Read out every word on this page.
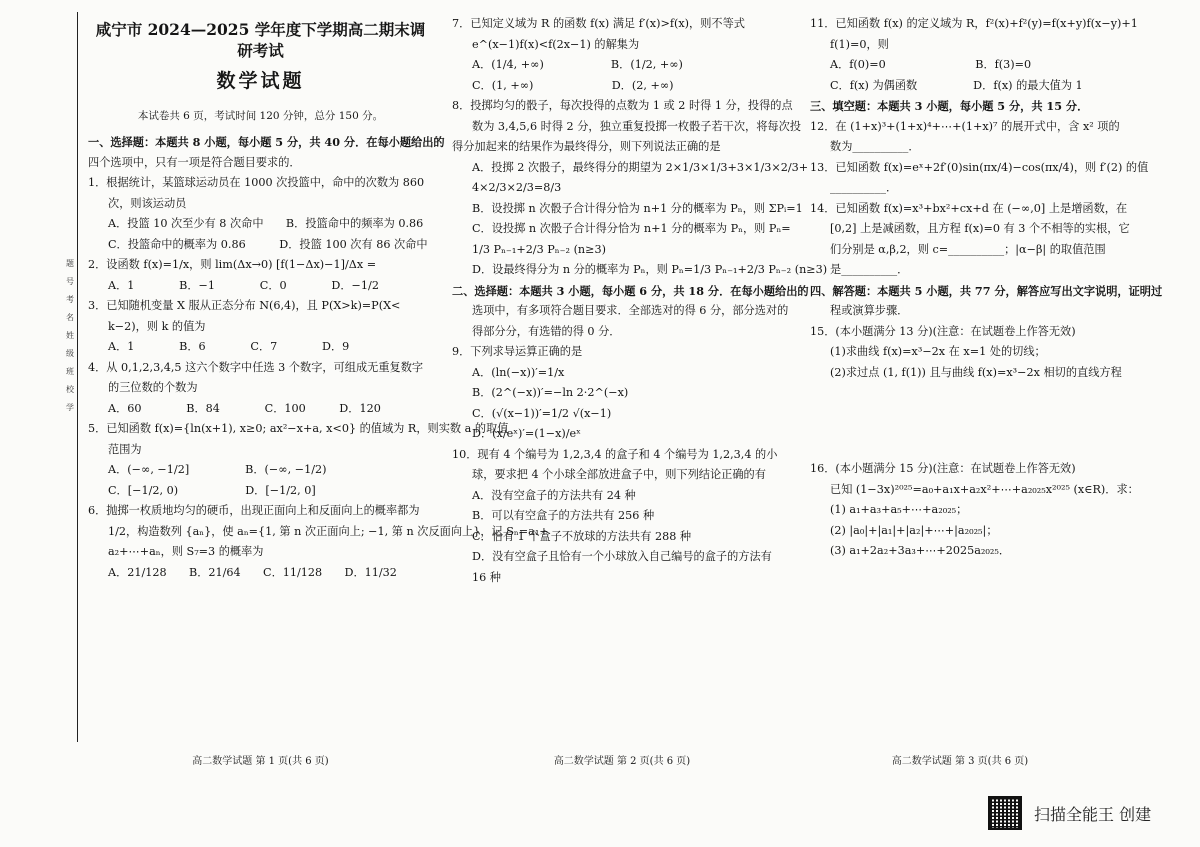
题
号
考
名
姓
级
班
校
学
咸宁市 2024—2025 学年度下学期高二期末调研考试
数学试题
本试卷共 6 页，考试时间 120 分钟，总分 150 分。
一、选择题：本题共 8 小题，每小题 5 分，共 40 分．在每小题给出的
四个选项中，只有一项是符合题目要求的．
1．根据统计，某篮球运动员在 1000 次投篮中，命中的次数为 860
次，则该运动员
A．投篮 10 次至少有 8 次命中　　B．投篮命中的频率为 0.86
C．投篮命中的概率为 0.86　　　D．投篮 100 次有 86 次命中
2．设函数 f(x)=1/x，则 lim(Δx→0) [f(1−Δx)−1]/Δx =
A．1　　　　B．−1　　　　C．0　　　　D．−1/2
3．已知随机变量 X 服从正态分布 N(6,4)，且 P(X>k)=P(X<
k−2)，则 k 的值为
A．1　　　　B．6　　　　C．7　　　　D．9
4．从 0,1,2,3,4,5 这六个数字中任选 3 个数字，可组成无重复数字
的三位数的个数为
A．60　　　　B．84　　　　C．100　　　D．120
5．已知函数 f(x)={ln(x+1), x≥0; ax²−x+a, x<0} 的值域为 R，则实数 a 的取值
范围为
A．(−∞, −1/2]　　　　　B．(−∞, −1/2)
C．[−1/2, 0)　　　　　　D．[−1/2, 0]
6．抛掷一枚质地均匀的硬币，出现正面向上和反面向上的概率都为
1/2，构造数列 {aₙ}，使 aₙ={1, 第 n 次正面向上; −1, 第 n 次反面向上}，记 Sₙ=a₁+
a₂+⋯+aₙ，则 S₇=3 的概率为
A．21/128　　B．21/64　　C．11/128　　D．11/32
7．已知定义域为 R 的函数 f(x) 满足 f′(x)>f(x)，则不等式
e^(x−1)f(x)<f(2x−1) 的解集为
A．(1/4, +∞)　　　　　　B．(1/2, +∞)
C．(1, +∞)　　　　　　　D．(2, +∞)
8．投掷均匀的骰子，每次投得的点数为 1 或 2 时得 1 分，投得的点
数为 3,4,5,6 时得 2 分，独立重复投掷一枚骰子若干次，将每次投
得分加起来的结果作为最终得分，则下列说法正确的是
A．投掷 2 次骰子，最终得分的期望为 2×1/3×1/3+3×1/3×2/3+
4×2/3×2/3=8/3
B．设投掷 n 次骰子合计得分恰为 n+1 分的概率为 Pₙ，则 ΣPᵢ=1
C．设投掷 n 次骰子合计得分恰为 n+1 分的概率为 Pₙ，则 Pₙ=
1/3 Pₙ₋₁+2/3 Pₙ₋₂ (n≥3)
D．设最终得分为 n 分的概率为 Pₙ，则 Pₙ=1/3 Pₙ₋₁+2/3 Pₙ₋₂ (n≥3)
二、选择题：本题共 3 小题，每小题 6 分，共 18 分．在每小题给出的
选项中，有多项符合题目要求．全部选对的得 6 分，部分选对的
得部分分，有选错的得 0 分．
9．下列求导运算正确的是
A．(ln(−x))′=1/x
B．(2^(−x))′=−ln 2·2^(−x)
C．(√(x−1))′=1/2 √(x−1)
D．(x/eˣ)′=(1−x)/eˣ
10．现有 4 个编号为 1,2,3,4 的盒子和 4 个编号为 1,2,3,4 的小
球，要求把 4 个小球全部放进盒子中，则下列结论正确的有
A．没有空盒子的方法共有 24 种
B．可以有空盒子的方法共有 256 种
C．恰有 1 个盒子不放球的方法共有 288 种
D．没有空盒子且恰有一个小球放入自己编号的盒子的方法有
16 种
11．已知函数 f(x) 的定义域为 R，f²(x)+f²(y)=f(x+y)f(x−y)+1
f(1)=0，则
A．f(0)=0　　　　　　　　B．f(3)=0
C．f(x) 为偶函数　　　　　D．f(x) 的最大值为 1
三、填空题：本题共 3 小题，每小题 5 分，共 15 分．
12．在 (1+x)³+(1+x)⁴+⋯+(1+x)⁷ 的展开式中，含 x² 项的
数为__________．
13．已知函数 f(x)=eˣ+2f′(0)sin(πx/4)−cos(πx/4)，则 f′(2) 的值
__________．
14．已知函数 f(x)=x³+bx²+cx+d 在 (−∞,0] 上是增函数，在
[0,2] 上是减函数，且方程 f(x)=0 有 3 个不相等的实根，它
们分别是 α,β,2，则 c=__________；|α−β| 的取值范围
是__________．
四、解答题：本题共 5 小题，共 77 分，解答应写出文字说明，证明过
程或演算步骤．
15．(本小题满分 13 分)(注意：在试题卷上作答无效)
(1)求曲线 f(x)=x³−2x 在 x=1 处的切线；
(2)求过点 (1, f(1)) 且与曲线 f(x)=x³−2x 相切的直线方程
16．(本小题满分 15 分)(注意：在试题卷上作答无效)
已知 (1−3x)²⁰²⁵=a₀+a₁x+a₂x²+⋯+a₂₀₂₅x²⁰²⁵ (x∈R)．求：
(1) a₁+a₃+a₅+⋯+a₂₀₂₅；
(2) |a₀|+|a₁|+|a₂|+⋯+|a₂₀₂₅|；
(3) a₁+2a₂+3a₃+⋯+2025a₂₀₂₅．
高二数学试题 第 1 页(共 6 页)	高二数学试题 第 2 页(共 6 页)	高二数学试题 第 3 页(共 6 页)
扫描全能王 创建
